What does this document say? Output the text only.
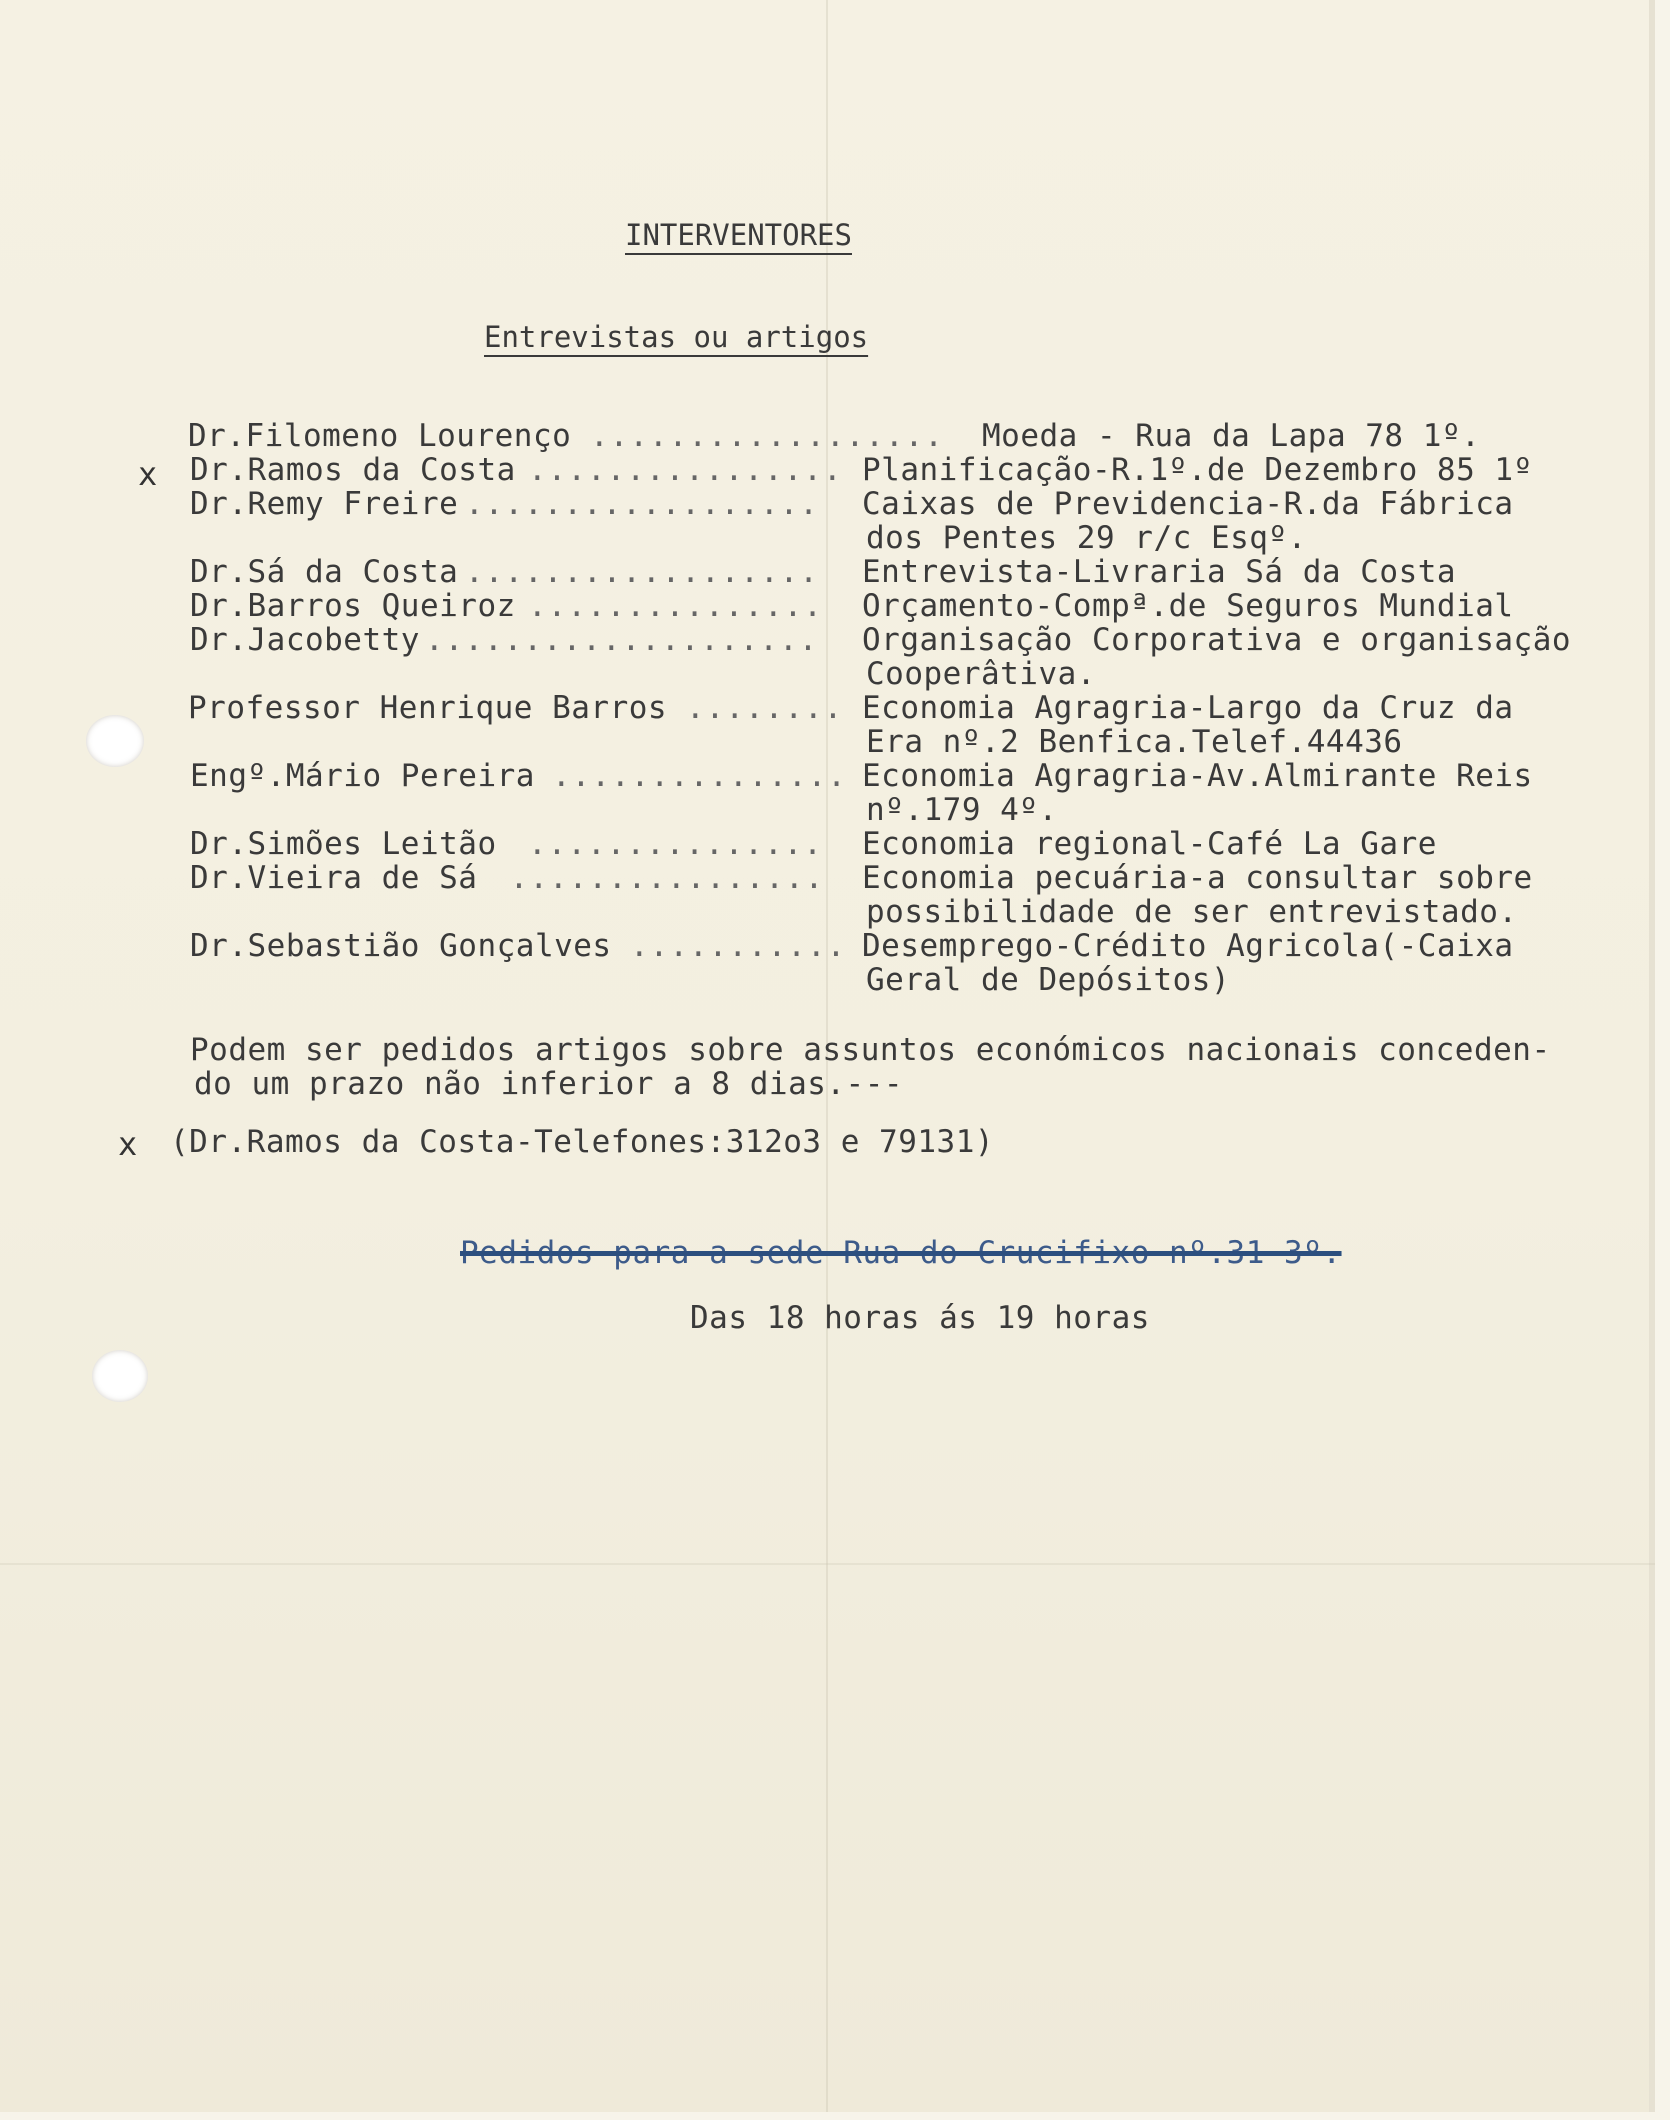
INTERVENTORES
Entrevistas ou artigos
x
x
Dr.Filomeno Lourenço .................. Moeda - Rua da Lapa 78 1º.
Dr.Ramos da Costa ................ Planificação-R.1º.de Dezembro 85 1º
Dr.Remy Freire .................. Caixas de Previdencia-R.da Fábrica
dos Pentes 29 r/c Esqº.
Dr.Sá da Costa .................. Entrevista-Livraria Sá da Costa
Dr.Barros Queiroz ............... Orçamento-Compª.de Seguros Mundial
Dr.Jacobetty .................... Organisação Corporativa e organisação
Cooperâtiva.
Professor Henrique Barros ........ Economia Agragria-Largo da Cruz da
Era nº.2 Benfica.Telef.44436
Engº.Mário Pereira ............... Economia Agragria-Av.Almirante Reis
nº.179 4º.
Dr.Simões Leitão ............... Economia regional-Café La Gare
Dr.Vieira de Sá ................ Economia pecuária-a consultar sobre
possibilidade de ser entrevistado.
Dr.Sebastião Gonçalves ........... Desemprego-Crédito Agricola(-Caixa
Geral de Depósitos)
Podem ser pedidos artigos sobre assuntos económicos nacionais conceden-
do um prazo não inferior a 8 dias.---
(Dr.Ramos da Costa-Telefones:312o3 e 79131)
Pedidos para a sede Rua do Crucifixo nº.31 3º.
Das 18 horas ás 19 horas
